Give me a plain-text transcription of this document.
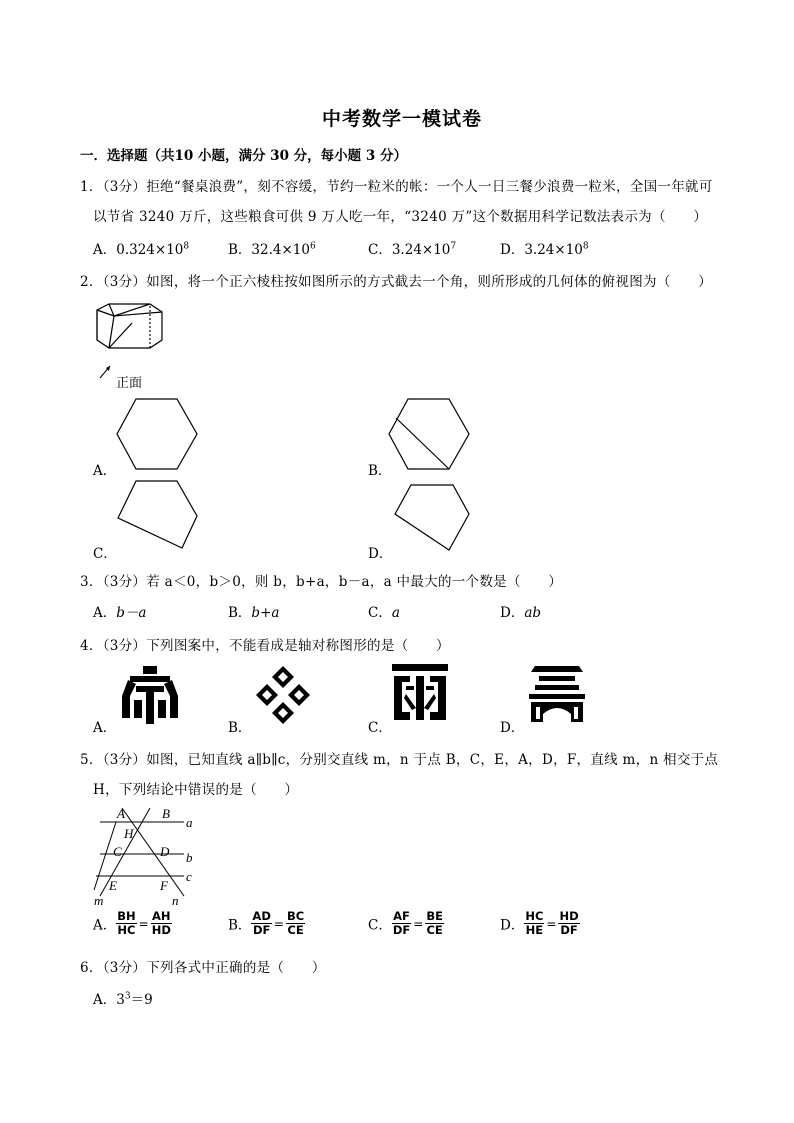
中考数学一模试卷
一．选择题（共10 小题，满分 30 分，每小题 3 分）
1．（3分）拒绝“餐桌浪费”，刻不容缓，节约一粒米的帐：一个人一日三餐少浪费一粒米，全国一年就可
以节省 3240 万斤，这些粮食可供 9 万人吃一年，“3240 万”这个数据用科学记数法表示为（　　）
A．$0.324\times 10^8$	B．$32.4\times 10^6$	C．$3.24\times 10^7$	D．$3.24\times 10^8$
2．（3分）如图，将一个正六棱柱按如图所示的方式截去一个角，则所形成的几何体的俯视图为（　　）
正面
A．	B．
C．	D．
3．（3分）若 a＜0，b＞0，则 b，b+a，b－a，a 中最大的一个数是（　　）
A．b－a	B．b+a	C．a	D．ab
4．（3分）下列图案中，不能看成是轴对称图形的是（　　）
A．	B．	C．	D．
5．（3分）如图，已知直线 a∥b∥c，分别交直线 m，n 于点 B，C，E，A，D，F，直线 m，n 相交于点
H，下列结论中错误的是（　　）
A	B
a
H
C	D b
c
E	F
m	n
A． $\frac{BH}{HC} = \frac{AH}{HD}$	B． $\frac{AD}{DF} = \frac{BC}{CE}$	C． $\frac{AF}{DF} = \frac{BE}{CE}$	D． $\frac{HC}{HE} = \frac{HD}{DF}$
6．（3分）下列各式中正确的是（　　）
A．$3^3=9$
